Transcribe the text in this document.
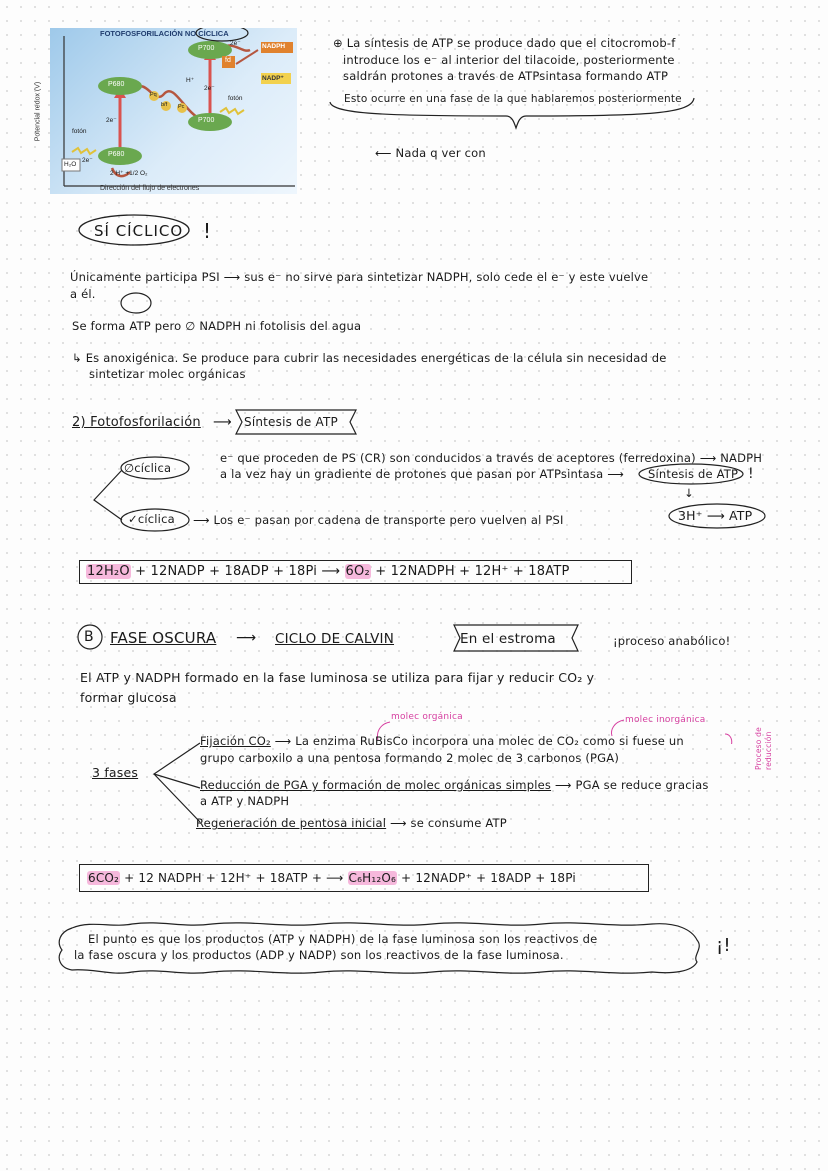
FOTOFOSFORILACIÓN NO CÍCLICA
Potencial redox (V)
Dirección del flujo de electrones
P700
P700
P680
P680
fd
NADPH
NADP⁺
fotón
fotón
2e⁻
2e⁻
2e⁻
2e⁻
H⁺
H₂O
2 H⁺ +1/2 O₂
Pq
b/f Pc
⊕ La síntesis de ATP se produce dado que el citocromob-f
introduce los e⁻ al interior del tilacoide, posteriormente
saldrán protones a través de ATPsintasa formando ATP
Esto ocurre en una fase de la que hablaremos posteriormente
⟵ Nada q ver con
SÍ CÍCLICO !
Únicamente participa PSI ⟶ sus e⁻ no sirve para sintetizar NADPH, solo cede el e⁻ y este vuelve
a él.
Se forma ATP pero ∅ NADPH ni fotolisis del agua
↳ Es anoxigénica. Se produce para cubrir las necesidades energéticas de la célula sin necesidad de
sintetizar molec orgánicas
2) Fotofosforilación ⟶ Síntesis de ATP
∅cíclica
✓cíclica
e⁻ que proceden de PS (CR) son conducidos a través de aceptores (ferredoxina) ⟶ NADPH
a la vez hay un gradiente de protones que pasan por ATPsintasa ⟶ Síntesis de ATP !
↓
3H⁺ ⟶ ATP
⟶ Los e⁻ pasan por cadena de transporte pero vuelven al PSI
12H₂O + 12NADP + 18ADP + 18Pi ⟶ 6O₂ + 12NADPH + 12H⁺ + 18ATP
B FASE OSCURA ⟶ CICLO DE CALVIN	En el estroma	¡proceso anabólico!
El ATP y NADPH formado en la fase luminosa se utiliza para fijar y reducir CO₂ y
formar glucosa
molec orgánica	molec inorgánica
Proceso de reducción
3 fases
Fijación CO₂ ⟶ La enzima RuBisCo incorpora una molec de CO₂ como si fuese un
grupo carboxilo a una pentosa formando 2 molec de 3 carbonos (PGA)
Reducción de PGA y formación de molec orgánicas simples ⟶ PGA se reduce gracias
a ATP y NADPH
Regeneración de pentosa inicial ⟶ se consume ATP
6CO₂ + 12 NADPH + 12H⁺ + 18ATP + ⟶ C₆H₁₂O₆ + 12NADP⁺ + 18ADP + 18Pi
El punto es que los productos (ATP y NADPH) de la fase luminosa son los reactivos de
la fase oscura y los productos (ADP y NADP) son los reactivos de la fase luminosa.	¡!
